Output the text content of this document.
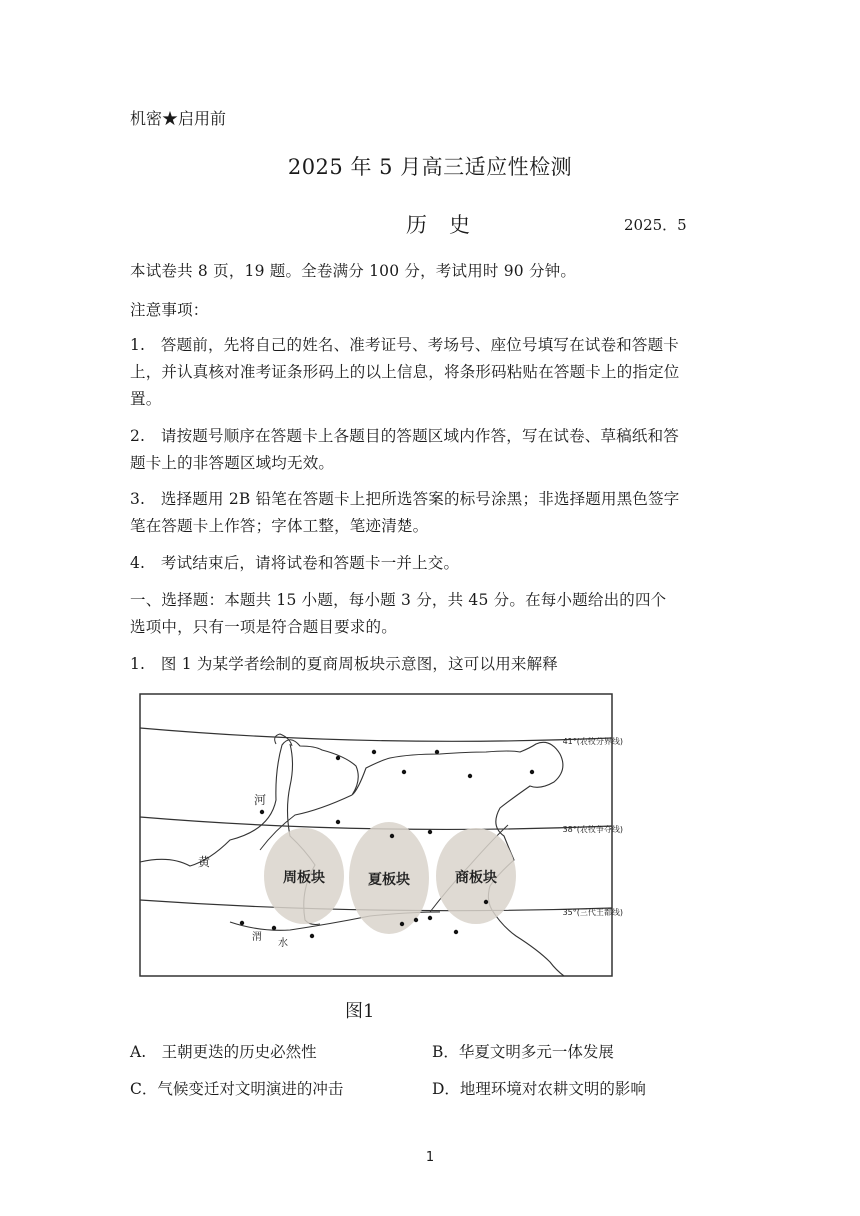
机密★启用前
2025 年 5 月高三适应性检测
历史	2025．5
本试卷共 8 页，19 题。全卷满分 100 分，考试用时 90 分钟。
注意事项：
1.　答题前，先将自己的姓名、准考证号、考场号、座位号填写在试卷和答题卡
上，并认真核对准考证条形码上的以上信息，将条形码粘贴在答题卡上的指定位
置。
2.　请按题号顺序在答题卡上各题目的答题区域内作答，写在试卷、草稿纸和答
题卡上的非答题区域均无效。
3.　选择题用 2B 铅笔在答题卡上把所选答案的标号涂黑；非选择题用黑色签字
笔在答题卡上作答；字体工整，笔迹清楚。
4.　考试结束后，请将试卷和答题卡一并上交。
一、选择题：本题共 15 小题，每小题 3 分，共 45 分。在每小题给出的四个
选项中，只有一项是符合题目要求的。
1.　图 1 为某学者绘制的夏商周板块示意图，这可以用来解释
41°(农牧分界线)
38°(农牧争夺线)
35°(三代王都线)
周板块	夏板块	商板块
河
黄
渭
水
图1
A.　王朝更迭的历史必然性	B．华夏文明多元一体发展
C．气候变迁对文明演进的冲击	D．地理环境对农耕文明的影响
1
